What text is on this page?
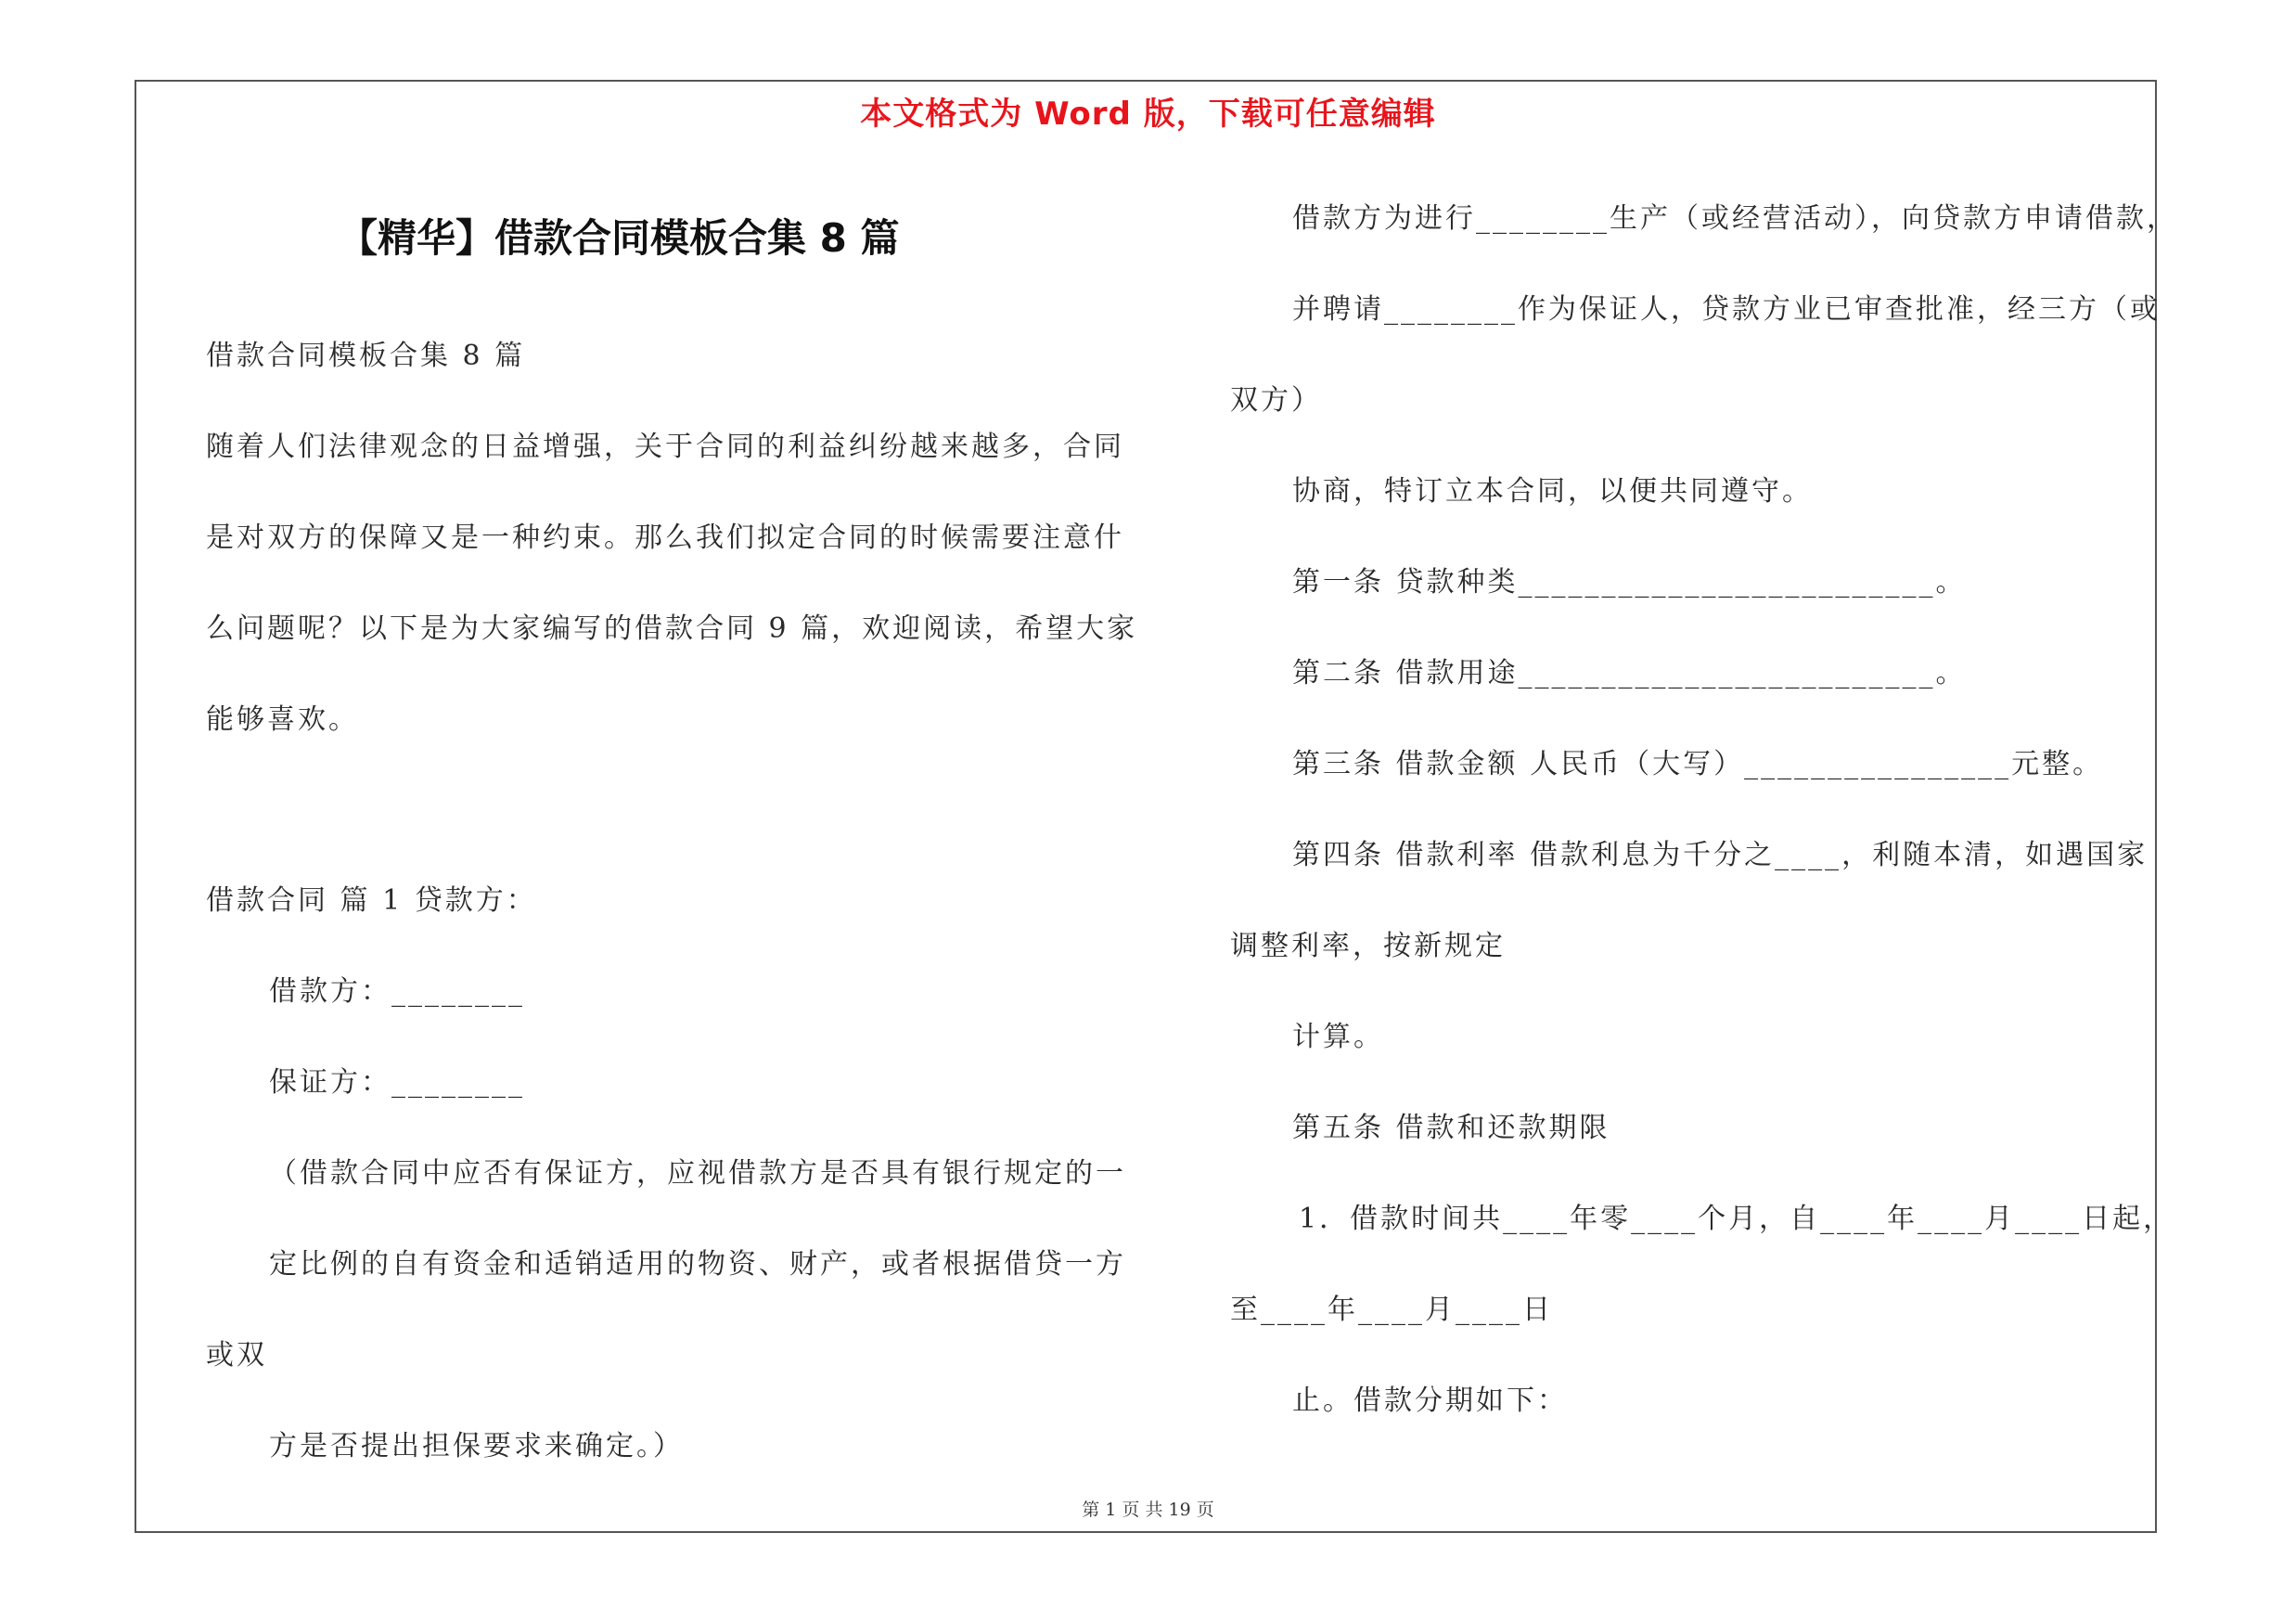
本文格式为 Word 版，下载可任意编辑
【精华】借款合同模板合集 8 篇
借款合同模板合集 8 篇
随着人们法律观念的日益增强，关于合同的利益纠纷越来越多，合同
是对双方的保障又是一种约束。那么我们拟定合同的时候需要注意什
么问题呢？以下是为大家编写的借款合同 9 篇，欢迎阅读，希望大家
能够喜欢。
借款合同 篇 1 贷款方：
借款方：________
保证方：________
（借款合同中应否有保证方，应视借款方是否具有银行规定的一
定比例的自有资金和适销适用的物资、财产，或者根据借贷一方
或双
方是否提出担保要求来确定。）
借款方为进行________生产（或经营活动），向贷款方申请借款，
并聘请________作为保证人，贷款方业已审查批准，经三方（或
双方）
协商，特订立本合同，以便共同遵守。
第一条 贷款种类_________________________。
第二条 借款用途_________________________。
第三条 借款金额 人民币（大写）________________元整。
第四条 借款利率 借款利息为千分之____，利随本清，如遇国家
调整利率，按新规定
计算。
第五条 借款和还款期限
1．借款时间共____年零____个月，自____年____月____日起，
至____年____月____日
止。借款分期如下：
第 1 页 共 19 页
